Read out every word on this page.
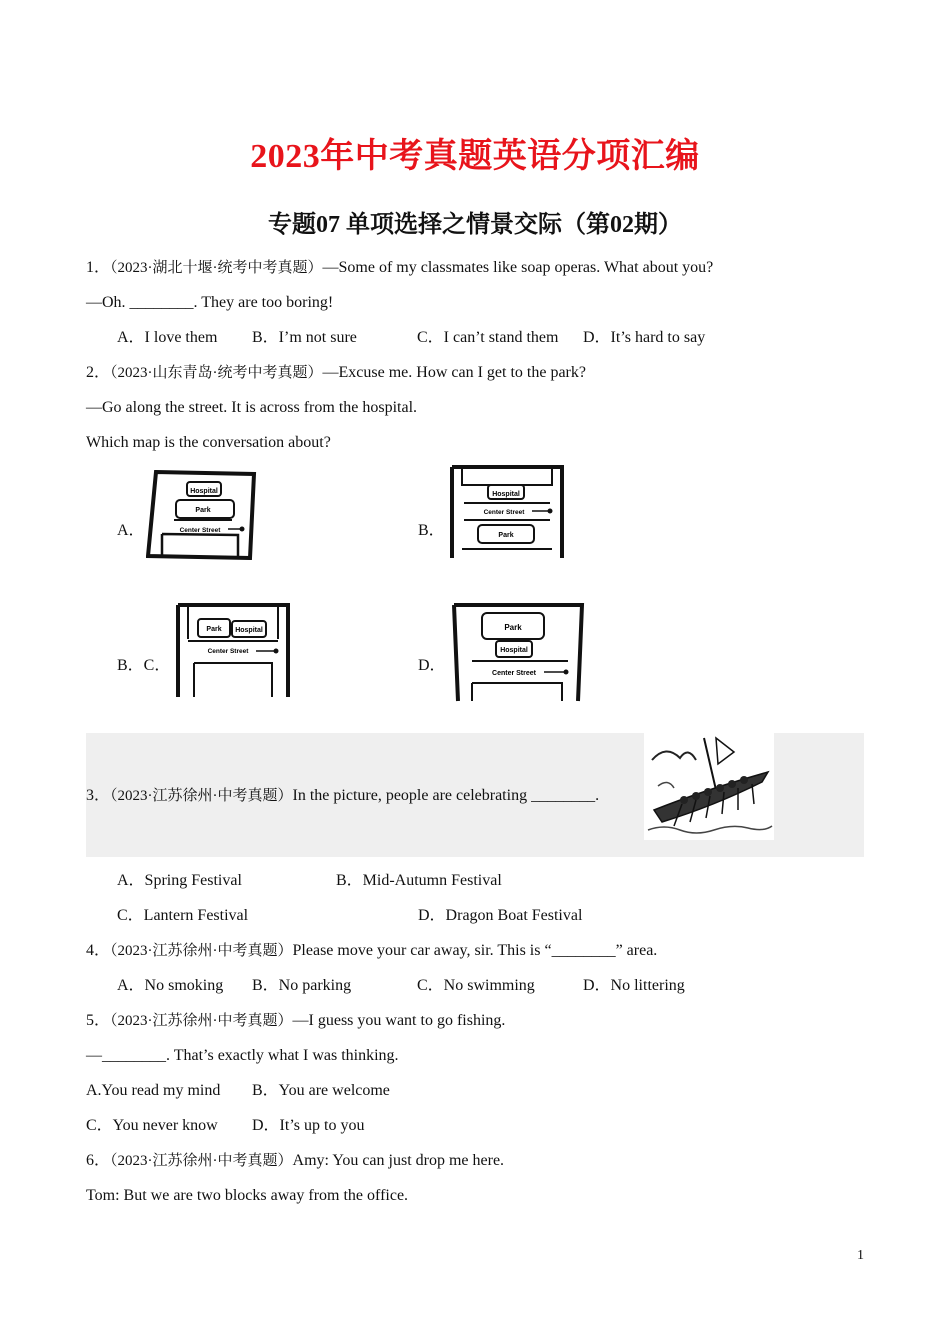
2023年中考真题英语分项汇编
专题07 单项选择之情景交际（第02期）
1．（2023·湖北十堰·统考中考真题）—Some of my classmates like soap operas. What about you?
—Oh. ________. They are too boring!
A．I love them B．I’m not sure	C．I can’t stand them D．It’s hard to say
2．（2023·山东青岛·统考中考真题）—Excuse me. How can I get to the park?
—Go along the street. It is across from the hospital.
Which map is the conversation about?
A．
Hospital
Park
Center Street	B．
Hospital
Center Street
Park
B．C．
Park Hospital
Center Street
D．
Park
Hospital
Center Street
3．（2023·江苏徐州·中考真题）In the picture, people are celebrating ________.
A．Spring Festival	B．Mid-Autumn Festival
C．Lantern Festival	D．Dragon Boat Festival
4．（2023·江苏徐州·中考真题）Please move your car away, sir. This is “________” area.
A．No smoking B．No parking	C．No swimming	D．No littering
5．（2023·江苏徐州·中考真题）—I guess you want to go fishing.
—________. That’s exactly what I was thinking.
A.You read my mind B．You are welcome
C．You never know D．It’s up to you
6．（2023·江苏徐州·中考真题）Amy: You can just drop me here.
Tom: But we are two blocks away from the office.
1
